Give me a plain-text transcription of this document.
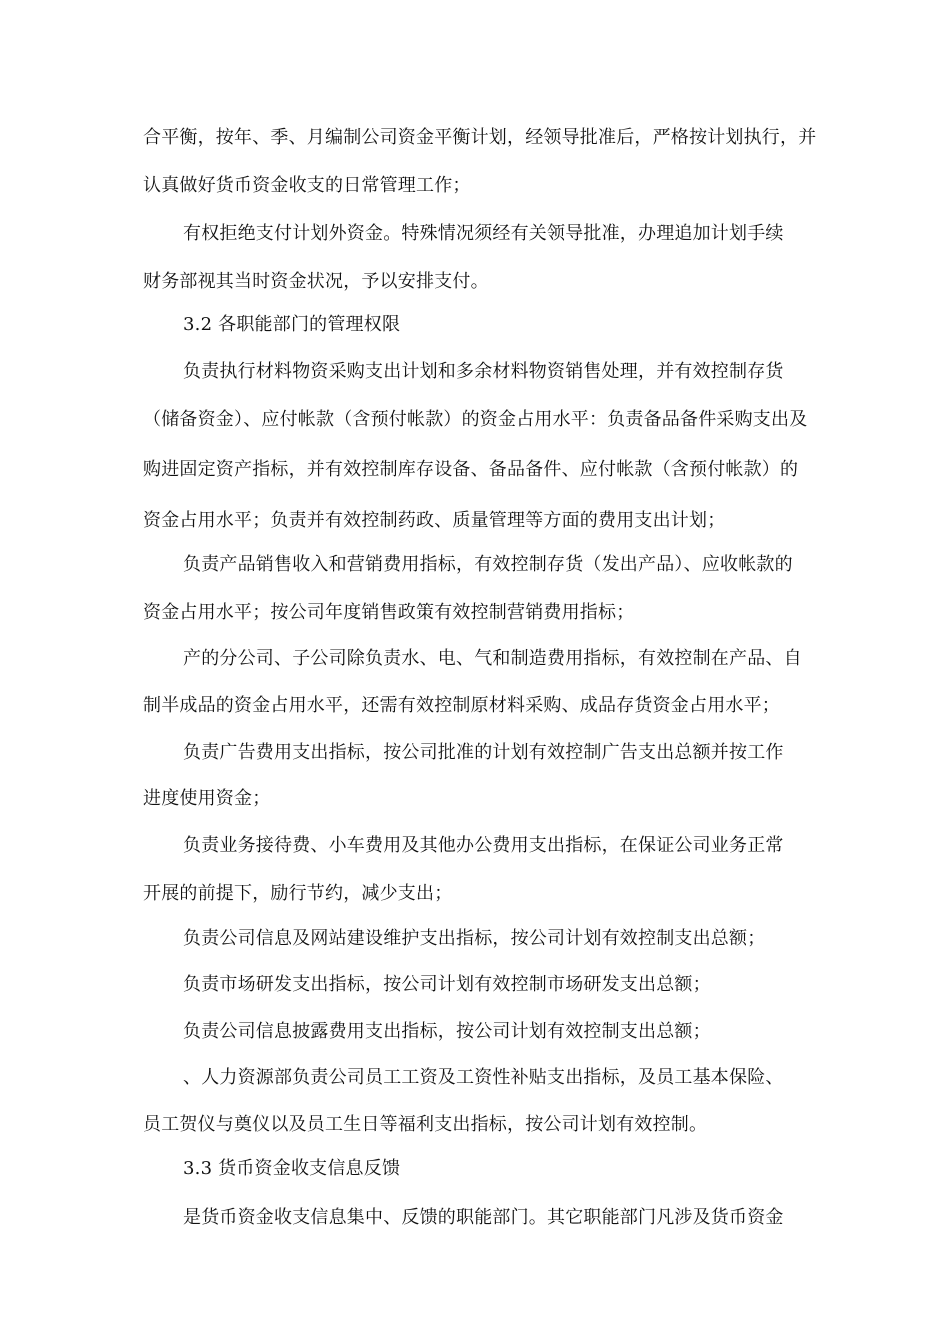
合平衡，按年、季、月编制公司资金平衡计划，经领导批准后，严格按计划执行，并
认真做好货币资金收支的日常管理工作；
有权拒绝支付计划外资金。特殊情况须经有关领导批准，办理追加计划手续
财务部视其当时资金状况，予以安排支付。
3.2 各职能部门的管理权限
负责执行材料物资采购支出计划和多余材料物资销售处理，并有效控制存货
（储备资金）、应付帐款（含预付帐款）的资金占用水平：负责备品备件采购支出及
购进固定资产指标，并有效控制库存设备、备品备件、应付帐款（含预付帐款）的
资金占用水平；负责并有效控制药政、质量管理等方面的费用支出计划；
负责产品销售收入和营销费用指标，有效控制存货（发出产品）、应收帐款的
资金占用水平；按公司年度销售政策有效控制营销费用指标；
产的分公司、子公司除负责水、电、气和制造费用指标，有效控制在产品、自
制半成品的资金占用水平，还需有效控制原材料采购、成品存货资金占用水平；
负责广告费用支出指标，按公司批准的计划有效控制广告支出总额并按工作
进度使用资金；
负责业务接待费、小车费用及其他办公费用支出指标，在保证公司业务正常
开展的前提下，励行节约，减少支出；
负责公司信息及网站建设维护支出指标，按公司计划有效控制支出总额；
负责市场研发支出指标，按公司计划有效控制市场研发支出总额；
负责公司信息披露费用支出指标，按公司计划有效控制支出总额；
、人力资源部负责公司员工工资及工资性补贴支出指标，及员工基本保险、
员工贺仪与奠仪以及员工生日等福利支出指标，按公司计划有效控制。
3.3 货币资金收支信息反馈
是货币资金收支信息集中、反馈的职能部门。其它职能部门凡涉及货币资金
